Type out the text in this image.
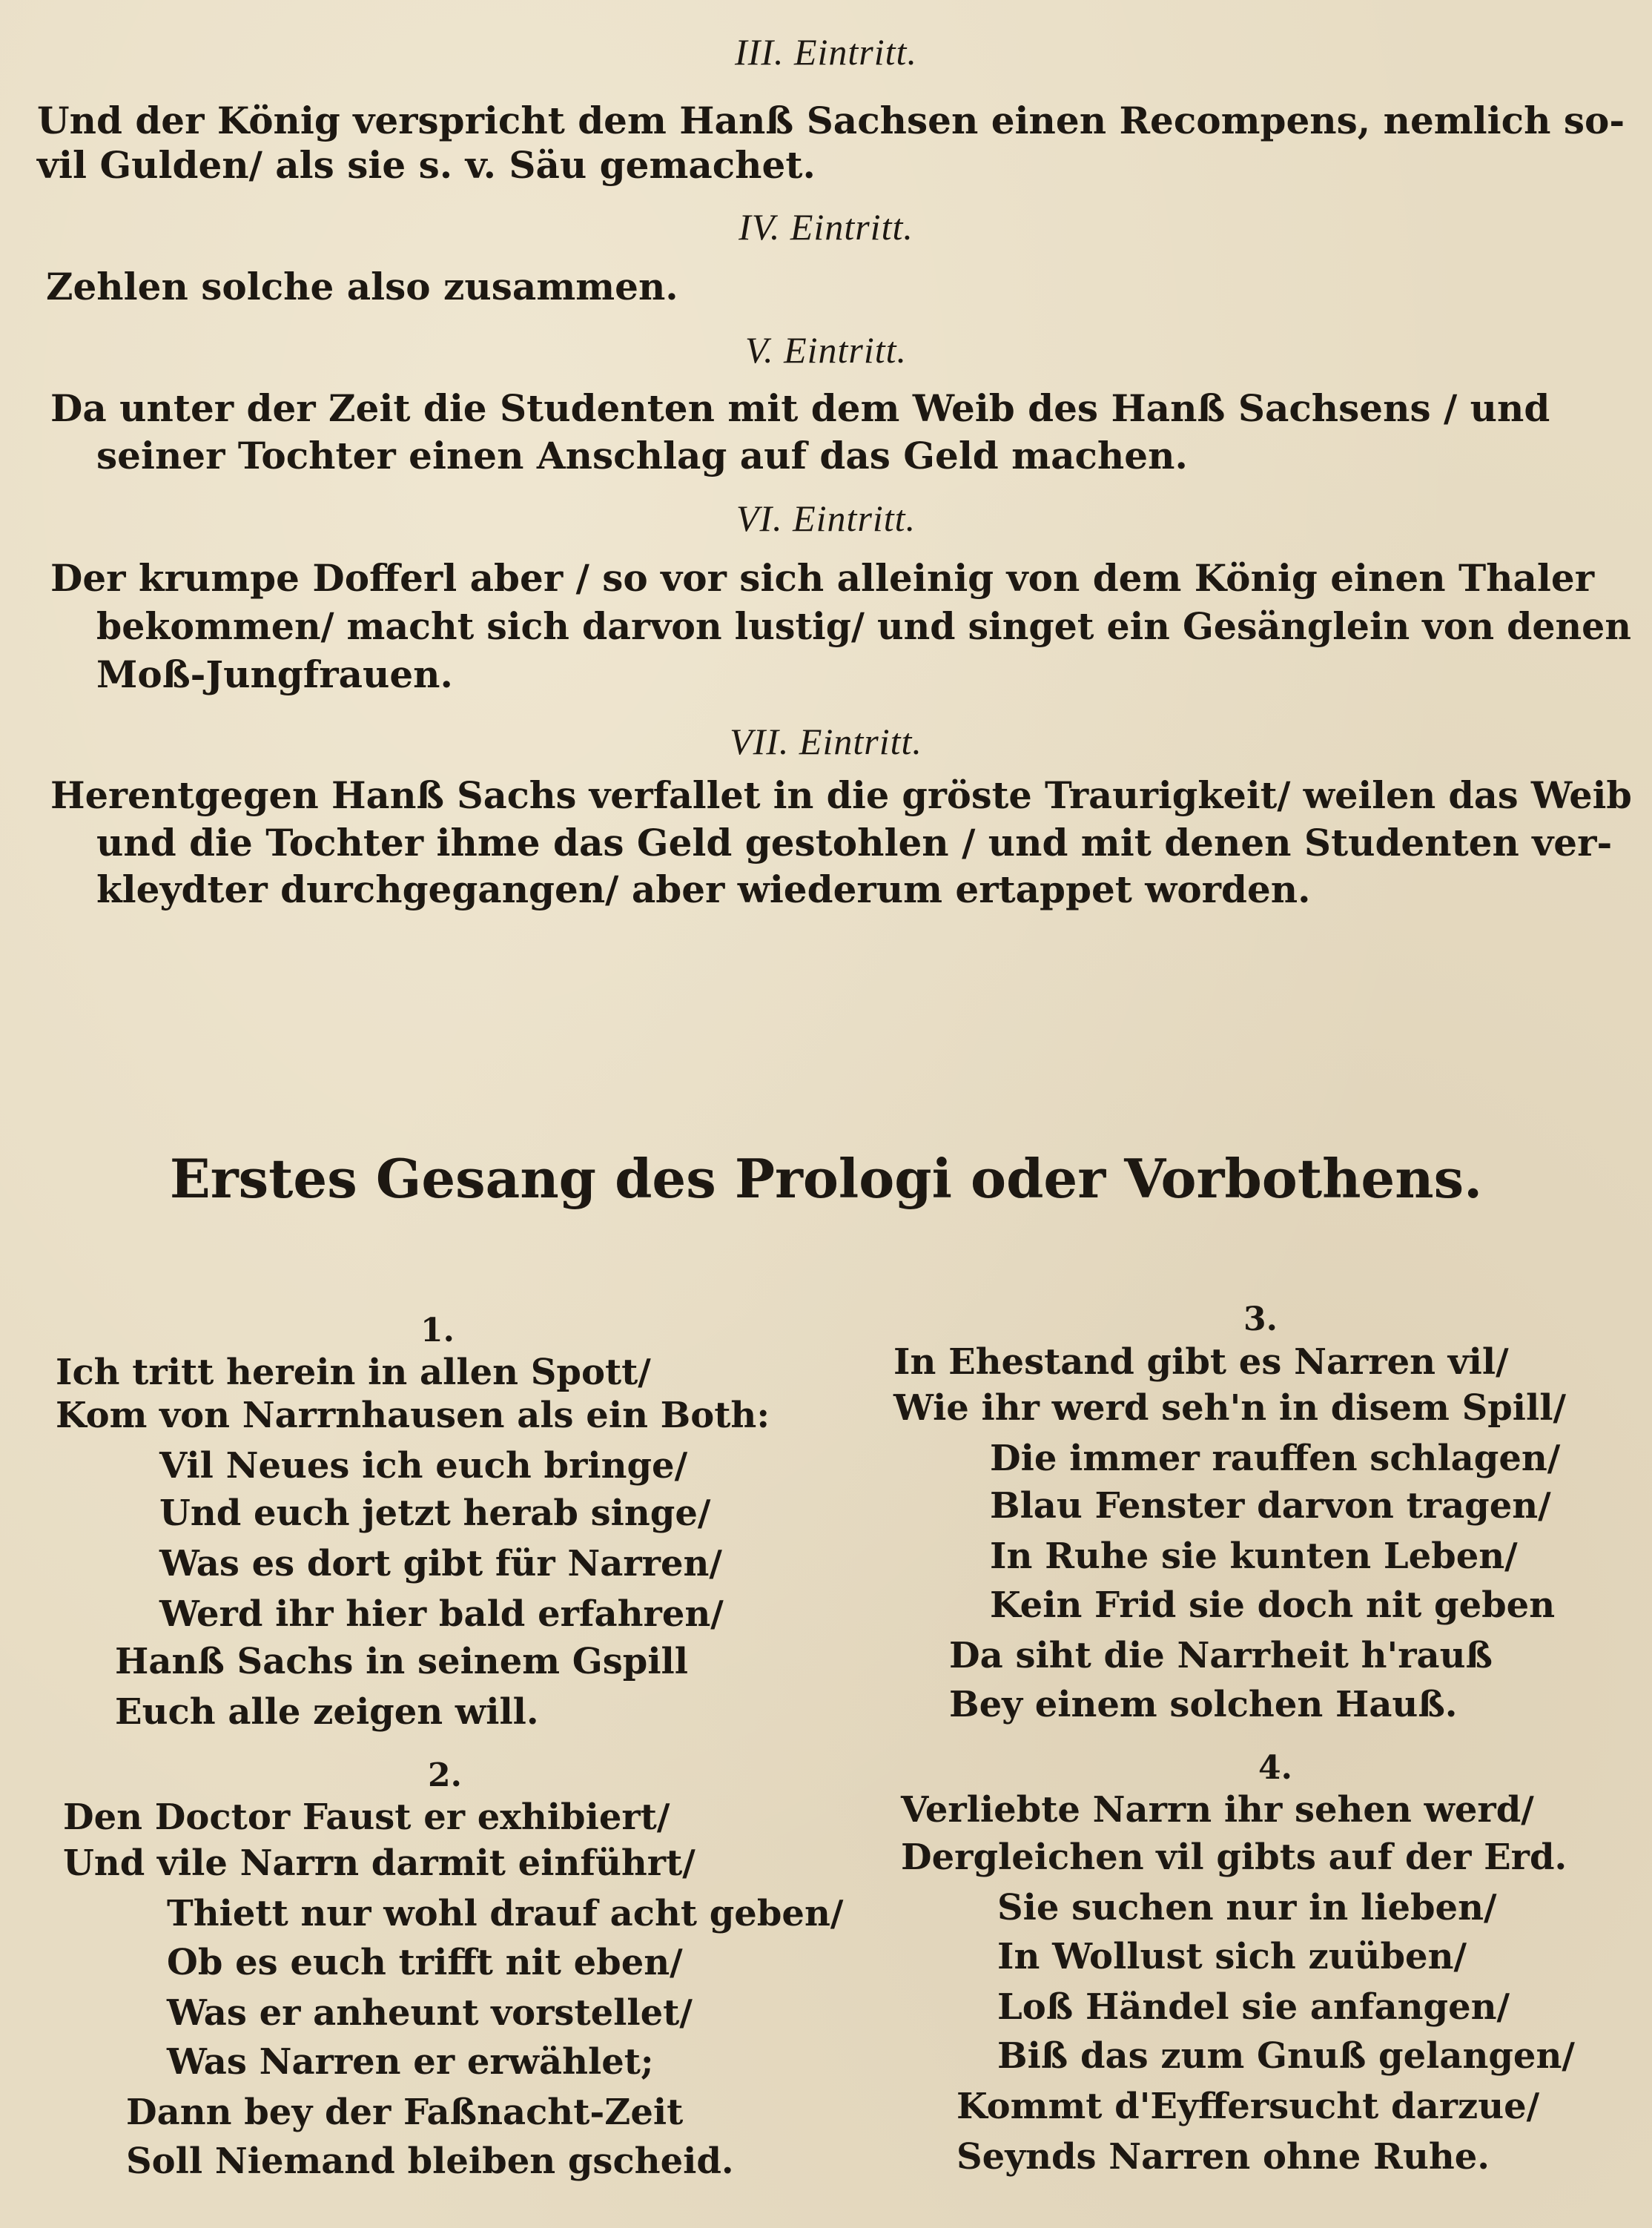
III. Eintritt.
Und der König verspricht dem Hanß Sachsen einen Recompens, nemlich so-
vil Gulden/ als sie s. v. Säu gemachet.
IV. Eintritt.
Zehlen solche also zusammen.
V. Eintritt.
Da unter der Zeit die Studenten mit dem Weib des Hanß Sachsens / und
seiner Tochter einen Anschlag auf das Geld machen.
VI. Eintritt.
Der krumpe Dofferl aber / so vor sich alleinig von dem König einen Thaler
bekommen/ macht sich darvon lustig/ und singet ein Gesänglein von denen
Moß-Jungfrauen.
VII. Eintritt.
Herentgegen Hanß Sachs verfallet in die gröste Traurigkeit/ weilen das Weib
und die Tochter ihme das Geld gestohlen / und mit denen Studenten ver-
kleydter durchgegangen/ aber wiederum ertappet worden.
Erstes Gesang des Prologi oder Vorbothens.
1.
Ich tritt herein in allen Spott/
Kom von Narrnhausen als ein Both:
Vil Neues ich euch bringe/
Und euch jetzt herab singe/
Was es dort gibt für Narren/
Werd ihr hier bald erfahren/
Hanß Sachs in seinem Gspill
Euch alle zeigen will.
2.
Den Doctor Faust er exhibiert/
Und vile Narrn darmit einführt/
Thiett nur wohl drauf acht geben/
Ob es euch trifft nit eben/
Was er anheunt vorstellet/
Was Narren er erwählet;
Dann bey der Faßnacht-Zeit
Soll Niemand bleiben gscheid.
3.
In Ehestand gibt es Narren vil/
Wie ihr werd seh'n in disem Spill/
Die immer rauffen schlagen/
Blau Fenster darvon tragen/
In Ruhe sie kunten Leben/
Kein Frid sie doch nit geben
Da siht die Narrheit h'rauß
Bey einem solchen Hauß.
4.
Verliebte Narrn ihr sehen werd/
Dergleichen vil gibts auf der Erd.
Sie suchen nur in lieben/
In Wollust sich zuüben/
Loß Händel sie anfangen/
Biß das zum Gnuß gelangen/
Kommt d'Eyffersucht darzue/
Seynds Narren ohne Ruhe.
